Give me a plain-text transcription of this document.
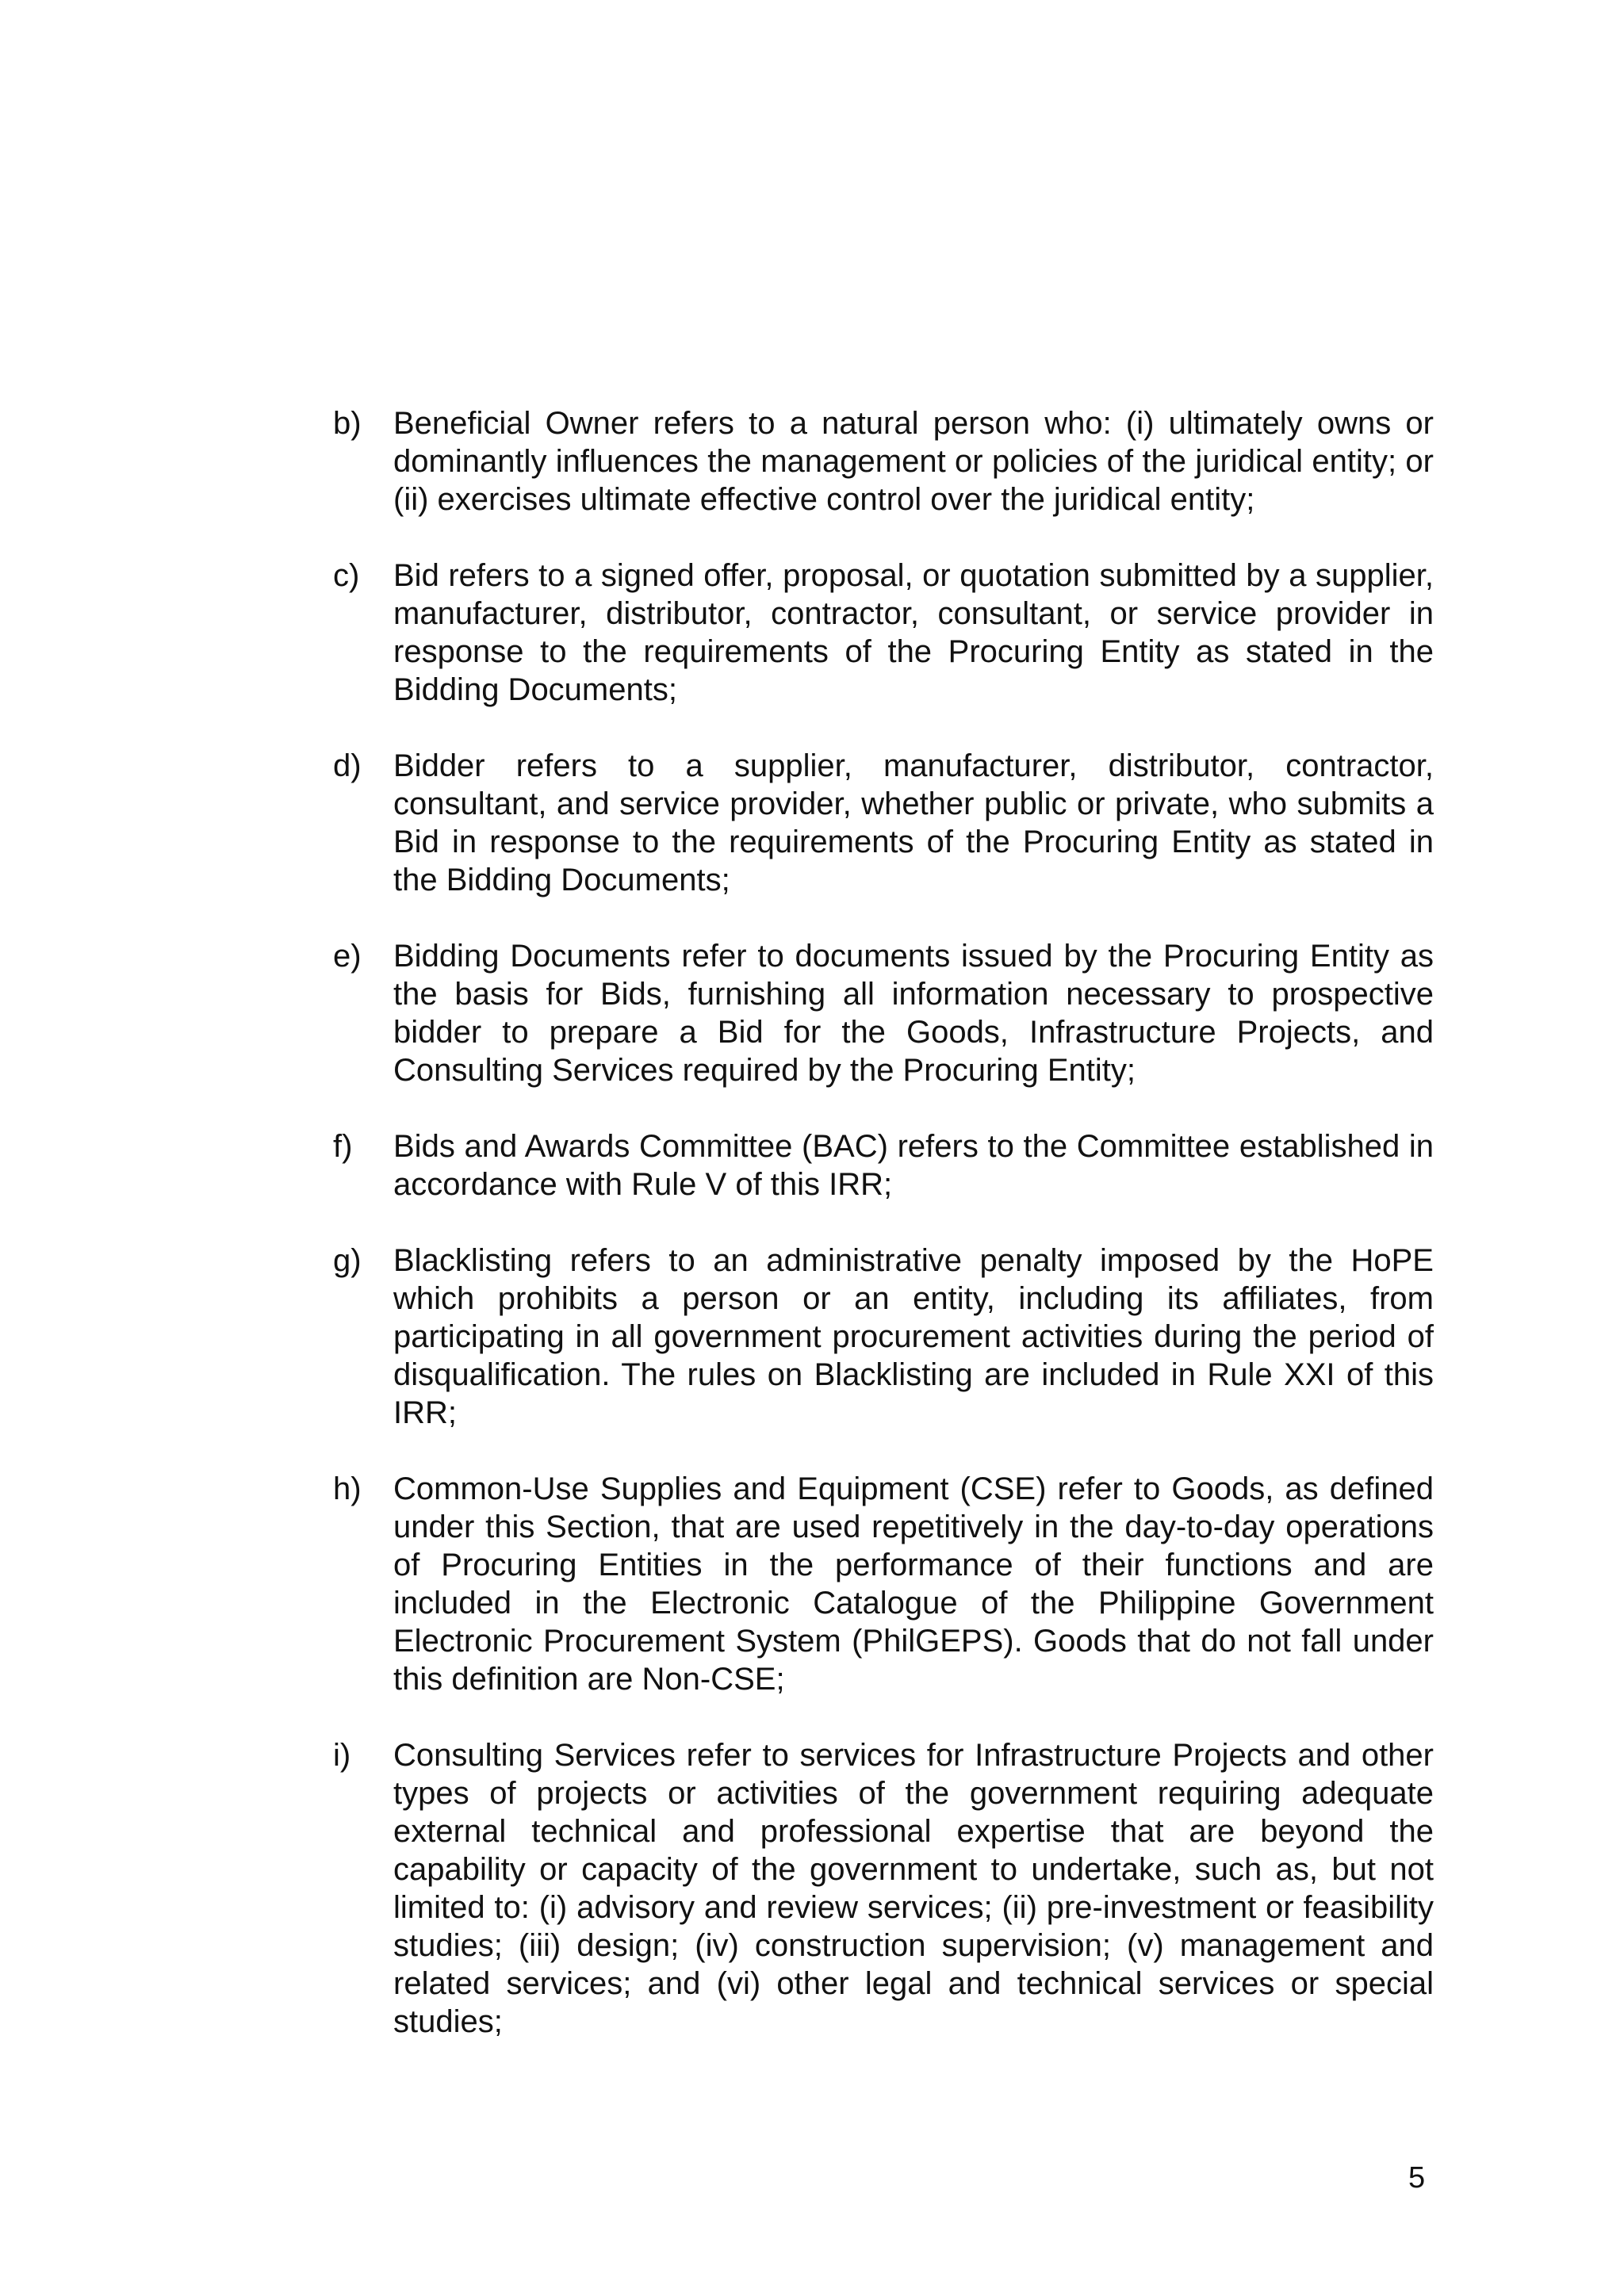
b)	Beneficial Owner refers to a natural person who: (i) ultimately owns or dominantly influences the management or policies of the juridical entity; or (ii) exercises ultimate effective control over the juridical entity;
c)	Bid refers to a signed offer, proposal, or quotation submitted by a supplier, manufacturer, distributor, contractor, consultant, or service provider in response to the requirements of the Procuring Entity as stated in the Bidding Documents;
d)	Bidder refers to a supplier, manufacturer, distributor, contractor, consultant, and service provider, whether public or private, who submits a Bid in response to the requirements of the Procuring Entity as stated in the Bidding Documents;
e)	Bidding Documents refer to documents issued by the Procuring Entity as the basis for Bids, furnishing all information necessary to prospective bidder to prepare a Bid for the Goods, Infrastructure Projects, and Consulting Services required by the Procuring Entity;
f)	Bids and Awards Committee (BAC) refers to the Committee established in accordance with Rule V of this IRR;
g)	Blacklisting refers to an administrative penalty imposed by the HoPE which prohibits a person or an entity, including its affiliates, from participating in all government procurement activities during the period of disqualification. The rules on Blacklisting are included in Rule XXI of this IRR;
h)	Common-Use Supplies and Equipment (CSE) refer to Goods, as defined under this Section, that are used repetitively in the day-to-day operations of Procuring Entities in the performance of their functions and are included in the Electronic Catalogue of the Philippine Government Electronic Procurement System (PhilGEPS). Goods that do not fall under this definition are Non-CSE;
i)	Consulting Services refer to services for Infrastructure Projects and other types of projects or activities of the government requiring adequate external technical and professional expertise that are beyond the capability or capacity of the government to undertake, such as, but not limited to: (i) advisory and review services; (ii) pre-investment or feasibility studies; (iii) design; (iv) construction supervision; (v) management and related services; and (vi) other legal and technical services or special studies;
5
